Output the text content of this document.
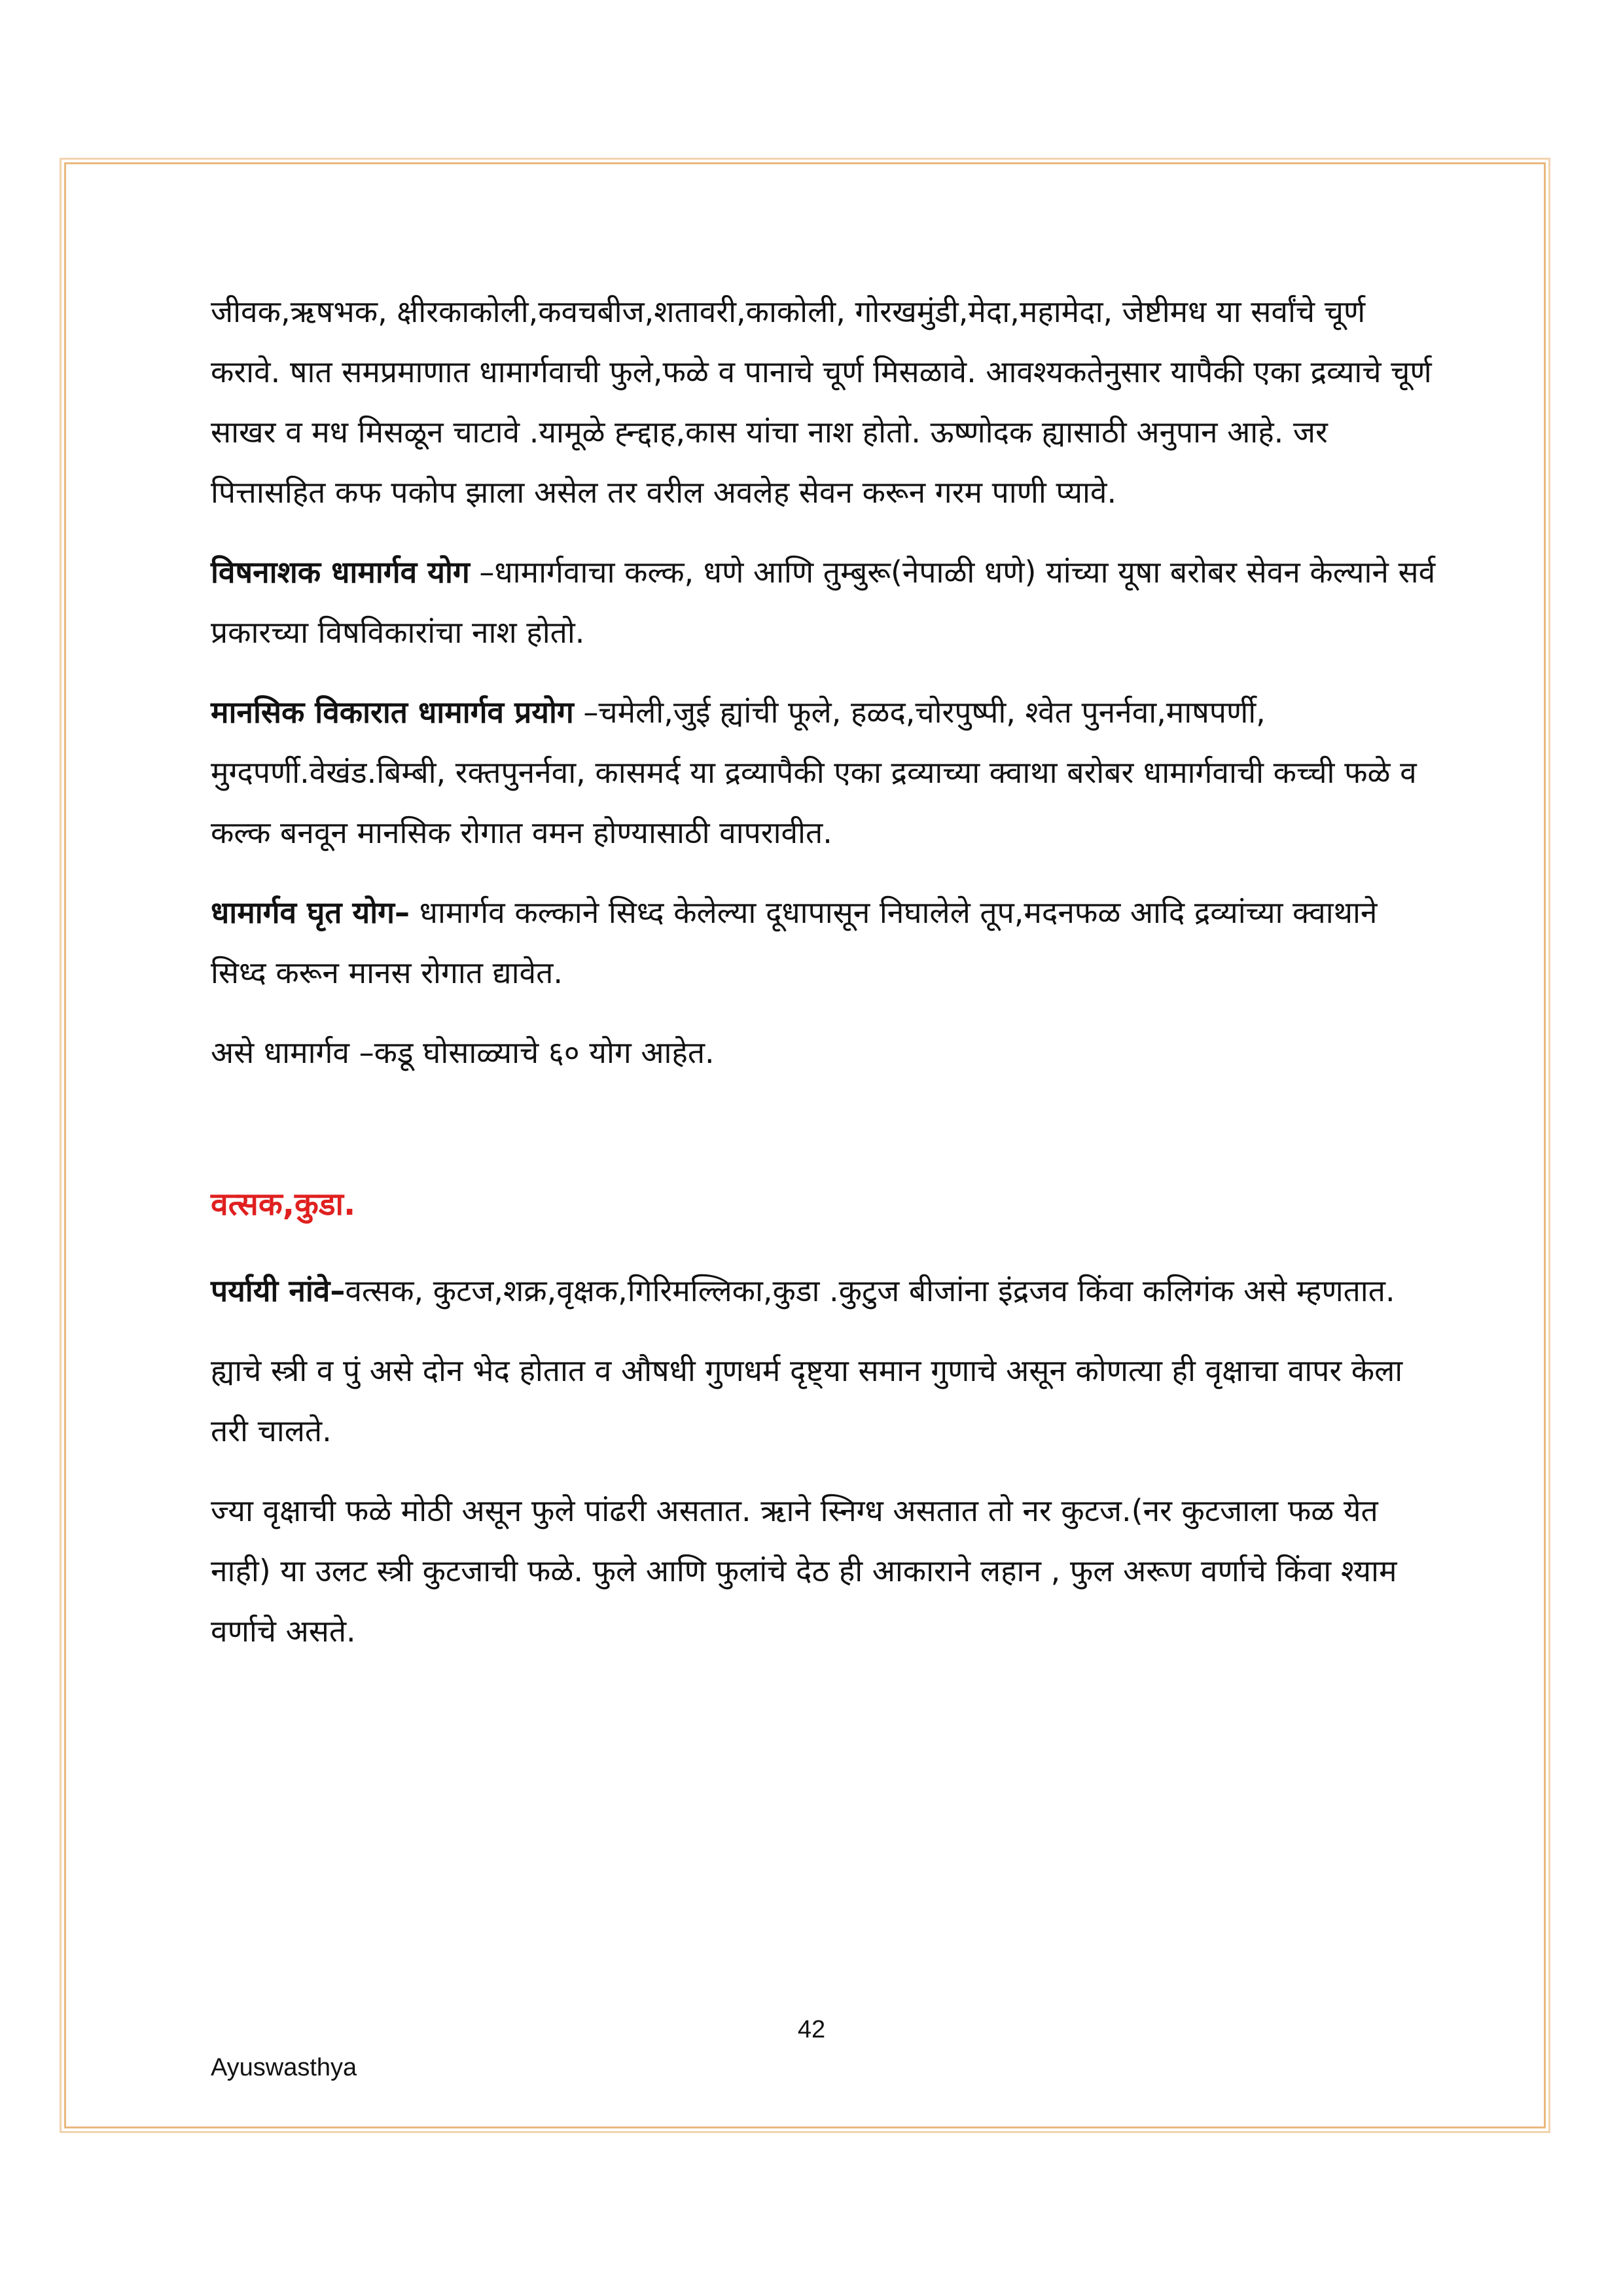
जीवक,ऋषभक, क्षीरकाकोली,कवचबीज,शतावरी,काकोली, गोरखमुंडी,मेदा,महामेदा, जेष्टीमध या सर्वांचे चूर्ण करावे. षात समप्रमाणात धामार्गवाची फुले,फळे व पानाचे चूर्ण मिसळावे. आवश्यकतेनुसार यापैकी एका द्रव्याचे चूर्ण साखर व मध मिसळून चाटावे .यामूळे ह्न्द्दाह,कास यांचा नाश होतो. ऊष्णोदक ह्यासाठी अनुपान आहे. जर पित्तासहित कफ पकोप झाला असेल तर वरील अवलेह सेवन करून गरम पाणी प्यावे.

विषनाशक धामार्गव योग –धामार्गवाचा कल्क, धणे आणि तुम्बुरू(नेपाळी धणे) यांच्या यूषा बरोबर सेवन केल्याने सर्व प्रकारच्या विषविकारांचा नाश होतो.

मानसिक विकारात धामार्गव प्रयोग –चमेली,जुई ह्यांची फूले, हळद,चोरपुष्पी, श्वेत पुनर्नवा,माषपर्णी, मुग्दपर्णी.वेखंड.बिम्बी, रक्तपुनर्नवा, कासमर्द या द्रव्यापैकी एका द्रव्याच्या क्वाथा बरोबर धामार्गवाची कच्ची फळे व कल्क बनवून मानसिक रोगात वमन होण्यासाठी वापरावीत.

धामार्गव घृत योग– धामार्गव कल्काने सिध्द केलेल्या दूधापासून निघालेले तूप,मदनफळ आदि द्रव्यांच्या क्वाथाने सिध्द करून मानस रोगात द्यावेत.

असे धामार्गव –कडू घोसाळ्याचे ६० योग आहेत.

वत्सक,कुडा.

पर्यायी नांवे–वत्सक, कुटज,शक्र,वृक्षक,गिरिमल्लिका,कुडा .कुटुज बीजांना इंद्रजव किंवा कलिगंक असे म्हणतात.

ह्याचे स्त्री व पुं असे दोन भेद होतात व औषधी गुणधर्म दृष्ट्या समान गुणाचे असून कोणत्या ही वृक्षाचा वापर केला तरी चालते.

ज्या वृक्षाची फळे मोठी असून फुले पांढरी असतात. ऋाने स्निग्ध असतात तो नर कुटज.(नर कुटजाला फळ येत नाही) या उलट स्त्री कुटजाची फळे. फुले आणि फुलांचे देठ ही आकाराने लहान , फुल अरूण वर्णाचे किंवा श्याम वर्णाचे असते.

42
Ayuswasthya
